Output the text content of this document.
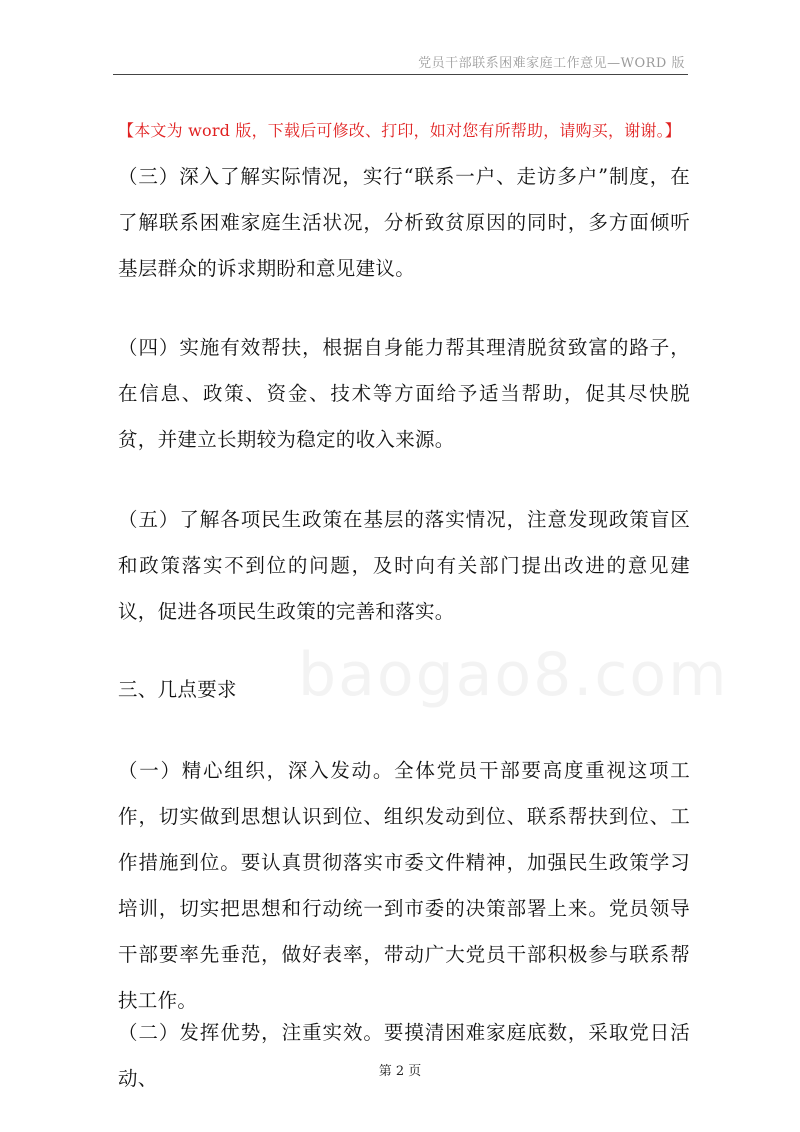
党员干部联系困难家庭工作意见—WORD 版
【本文为 word 版，下载后可修改、打印，如对您有所帮助，请购买，谢谢。】
baogao8.com

（三）深入了解实际情况，实行“联系一户、走访多户”制度，在了解联系困难家庭生活状况，分析致贫原因的同时，多方面倾听基层群众的诉求期盼和意见建议。

（四）实施有效帮扶，根据自身能力帮其理清脱贫致富的路子，在信息、政策、资金、技术等方面给予适当帮助，促其尽快脱贫，并建立长期较为稳定的收入来源。

（五）了解各项民生政策在基层的落实情况，注意发现政策盲区和政策落实不到位的问题，及时向有关部门提出改进的意见建议，促进各项民生政策的完善和落实。

三、几点要求

（一）精心组织，深入发动。全体党员干部要高度重视这项工作，切实做到思想认识到位、组织发动到位、联系帮扶到位、工作措施到位。要认真贯彻落实市委文件精神，加强民生政策学习培训，切实把思想和行动统一到市委的决策部署上来。党员领导干部要率先垂范，做好表率，带动广大党员干部积极参与联系帮扶工作。

（二）发挥优势，注重实效。要摸清困难家庭底数，采取党日活动、	第 2 页
